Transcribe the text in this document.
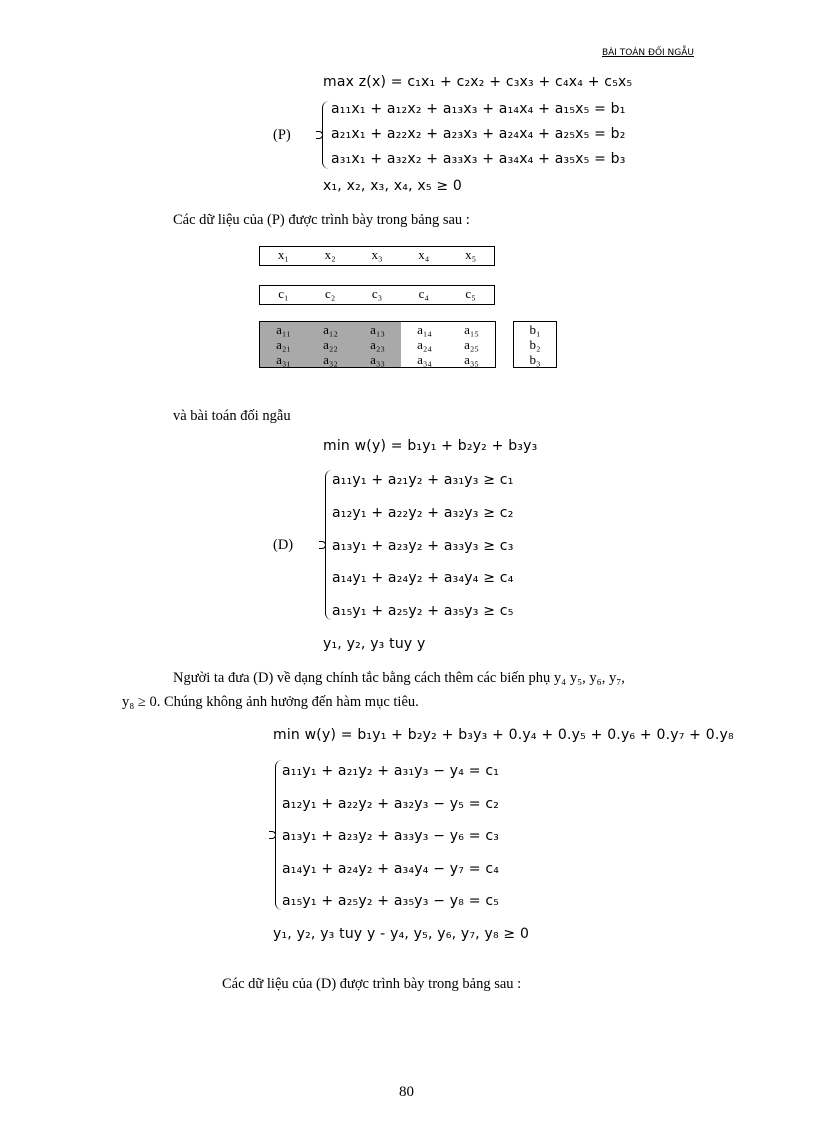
BÀI TOÁN ĐỐI NGẪU
max z(x) = c₁x₁ + c₂x₂ + c₃x₃ + c₄x₄ + c₅x₅
(P)
a₁₁x₁ + a₁₂x₂ + a₁₃x₃ + a₁₄x₄ + a₁₅x₅ = b₁
a₂₁x₁ + a₂₂x₂ + a₂₃x₃ + a₂₄x₄ + a₂₅x₅ = b₂
a₃₁x₁ + a₃₂x₂ + a₃₃x₃ + a₃₄x₄ + a₃₅x₅ = b₃
x₁, x₂, x₃, x₄, x₅ ≥ 0
Các dữ liệu của (P) được trình bày trong bảng sau :
x₁	x₂	x₃	x₄	x₅
c₁	c₂	c₃	c₄	c₅
a₁₁	a₁₂	a₁₃	a₁₄	a₁₅
a₂₁	a₂₂	a₂₃	a₂₄	a₂₅
a₃₁	a₃₂	a₃₃	a₃₄	a₃₅
b₁
b₂
b₃
và bài toán đối ngẫu
min w(y) = b₁y₁ + b₂y₂ + b₃y₃
(D)
a₁₁y₁ + a₂₁y₂ + a₃₁y₃ ≥ c₁
a₁₂y₁ + a₂₂y₂ + a₃₂y₃ ≥ c₂
a₁₃y₁ + a₂₃y₂ + a₃₃y₃ ≥ c₃
a₁₄y₁ + a₂₄y₂ + a₃₄y₄ ≥ c₄
a₁₅y₁ + a₂₅y₂ + a₃₅y₃ ≥ c₅
y₁, y₂, y₃ tuy y
Người ta đưa (D) về dạng chính tắc bằng cách thêm các biến phụ y₄ y₅, y₆, y₇,
y₈ ≥ 0. Chúng không ảnh hưởng đến hàm mục tiêu.
min w(y) = b₁y₁ + b₂y₂ + b₃y₃ + 0.y₄ + 0.y₅ + 0.y₆ + 0.y₇ + 0.y₈
a₁₁y₁ + a₂₁y₂ + a₃₁y₃ − y₄ = c₁
a₁₂y₁ + a₂₂y₂ + a₃₂y₃ − y₅ = c₂
a₁₃y₁ + a₂₃y₂ + a₃₃y₃ − y₆ = c₃
a₁₄y₁ + a₂₄y₂ + a₃₄y₄ − y₇ = c₄
a₁₅y₁ + a₂₅y₂ + a₃₅y₃ − y₈ = c₅
y₁, y₂, y₃ tuy y - y₄, y₅, y₆, y₇, y₈ ≥ 0
Các dữ liệu của (D) được trình bày trong bảng sau :
80
